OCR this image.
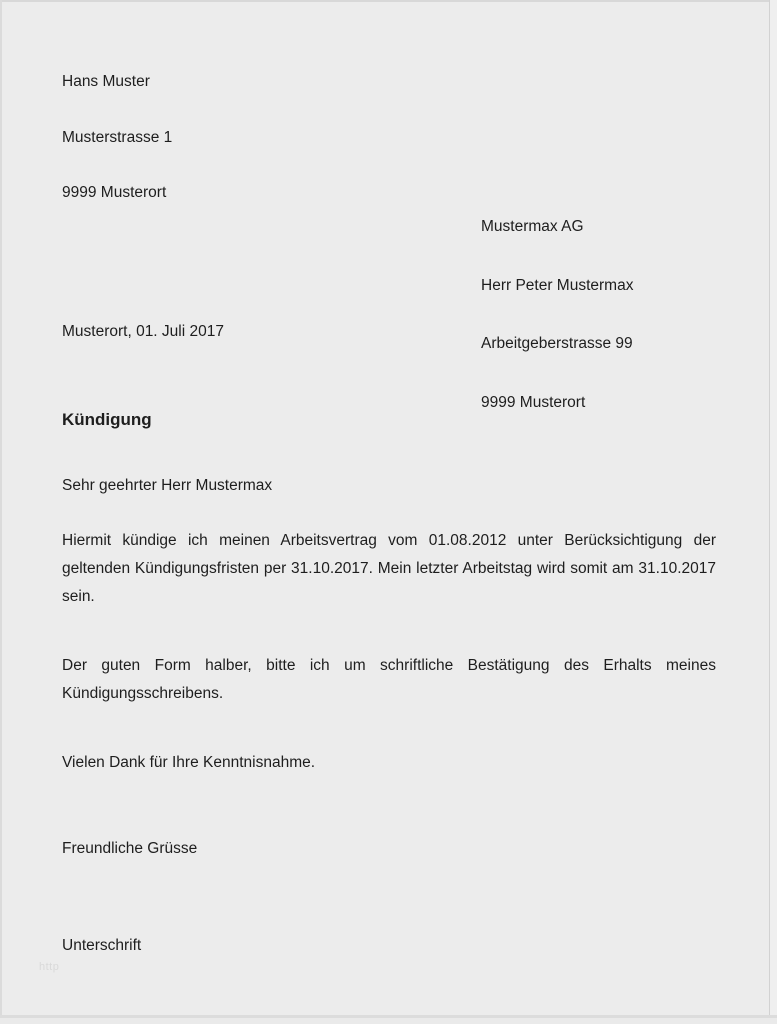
Hans Muster

Musterstrasse 1

9999 Musterort

Mustermax AG

Herr Peter Mustermax

Arbeitgeberstrasse 99

9999 Musterort

Musterort, 01. Juli 2017
Kündigung
Sehr geehrter Herr Mustermax
Hiermit kündige ich meinen Arbeitsvertrag vom 01.08.2012 unter Berücksichtigung der geltenden Kündigungsfristen per 31.10.2017. Mein letzter Arbeitstag wird somit am 31.10.2017 sein.
Der guten Form halber, bitte ich um schriftliche Bestätigung des Erhalts meines Kündigungsschreibens.
Vielen Dank für Ihre Kenntnisnahme.
Freundliche Grüsse
Unterschrift
http
